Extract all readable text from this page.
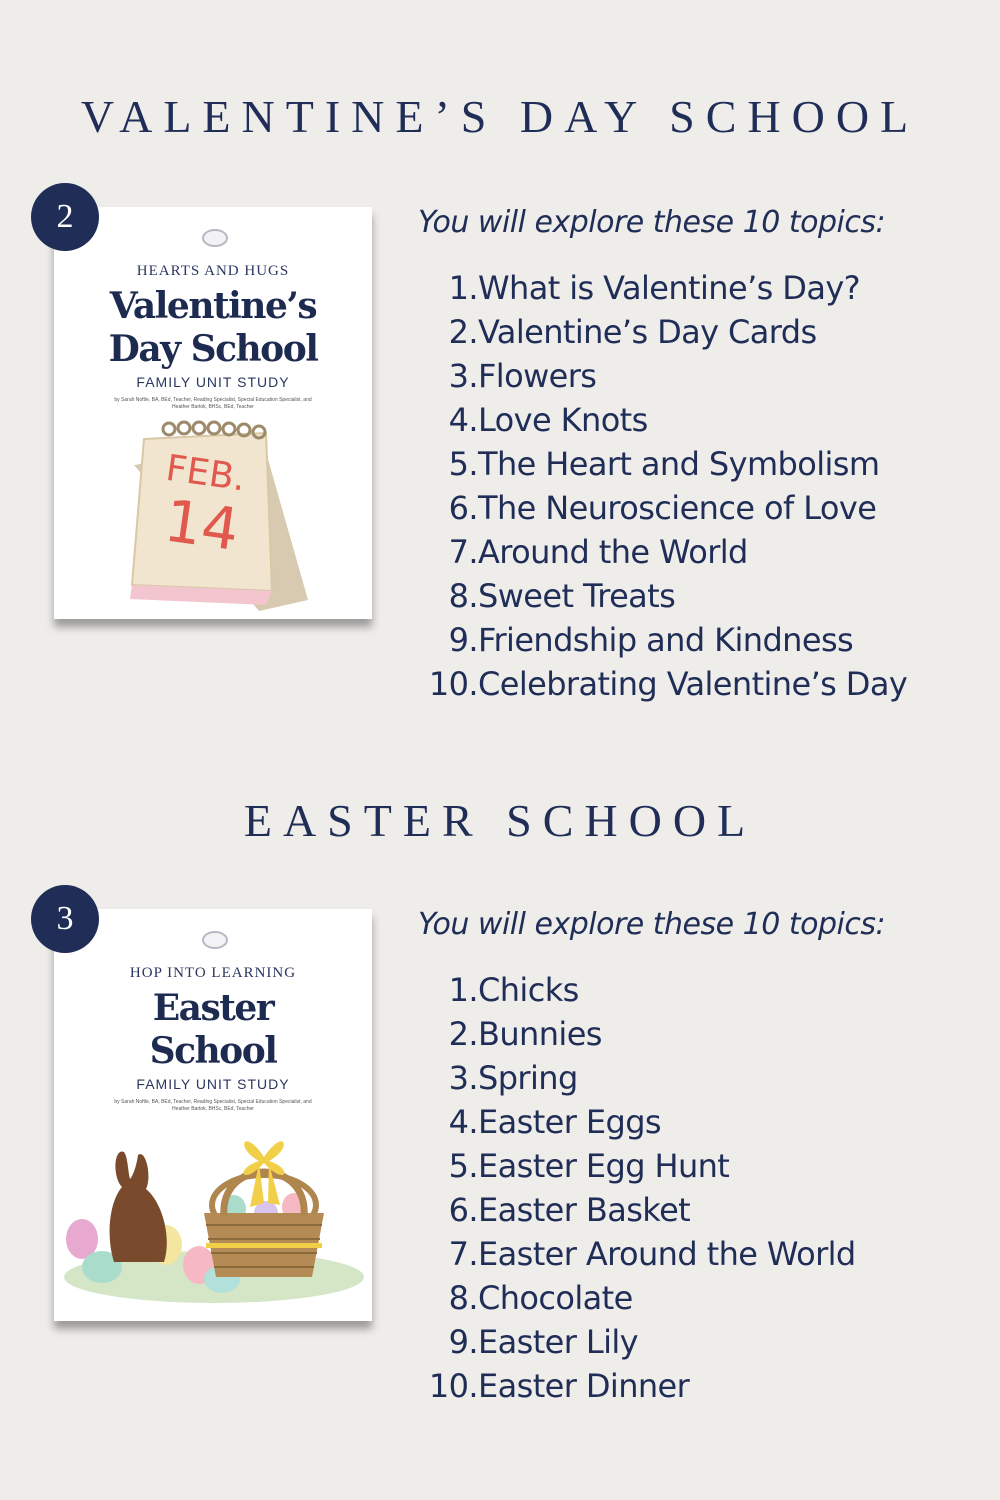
VALENTINE’S DAY SCHOOL
2
HEARTS AND HUGS
Valentine’s
Day School
FAMILY UNIT STUDY
by Sarah Noftle, BA, BEd, Teacher, Reading Specialist, Special Education Specialist, and Heather Bartok, BHSc, BEd, Teacher
FEB.
14

You will explore these 10 topics:

1.What is Valentine’s Day?
2.Valentine’s Day Cards
3.Flowers
4.Love Knots
5.The Heart and Symbolism
6.The Neuroscience of Love
7.Around the World
8.Sweet Treats
9.Friendship and Kindness
10.Celebrating Valentine’s Day
EASTER SCHOOL
3
HOP INTO LEARNING
Easter
School
FAMILY UNIT STUDY
by Sarah Noftle, BA, BEd, Teacher, Reading Specialist, Special Education Specialist, and Heather Bartok, BHSc, BEd, Teacher

You will explore these 10 topics:

1.Chicks
2.Bunnies
3.Spring
4.Easter Eggs
5.Easter Egg Hunt
6.Easter Basket
7.Easter Around the World
8.Chocolate
9.Easter Lily
10.Easter Dinner
